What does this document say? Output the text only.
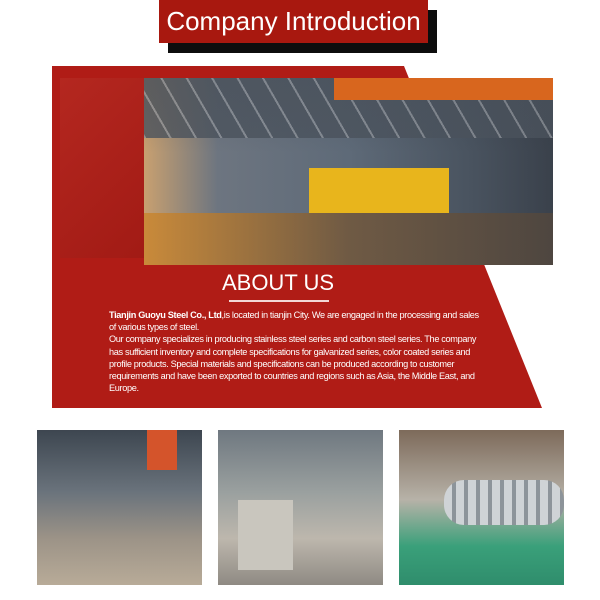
Company Introduction
ABOUT US
Tianjin Guoyu Steel Co., Ltd,is located in tianjin City. We are engaged in the processing and sales of various types of steel.
Our company specializes in producing stainless steel series and carbon steel series. The company has sufficient inventory and complete specifications for galvanized series, color coated series and profile products. Special materials and specifications can be produced according to customer requirements and have been exported to countries and regions such as Asia, the Middle East, and Europe.
